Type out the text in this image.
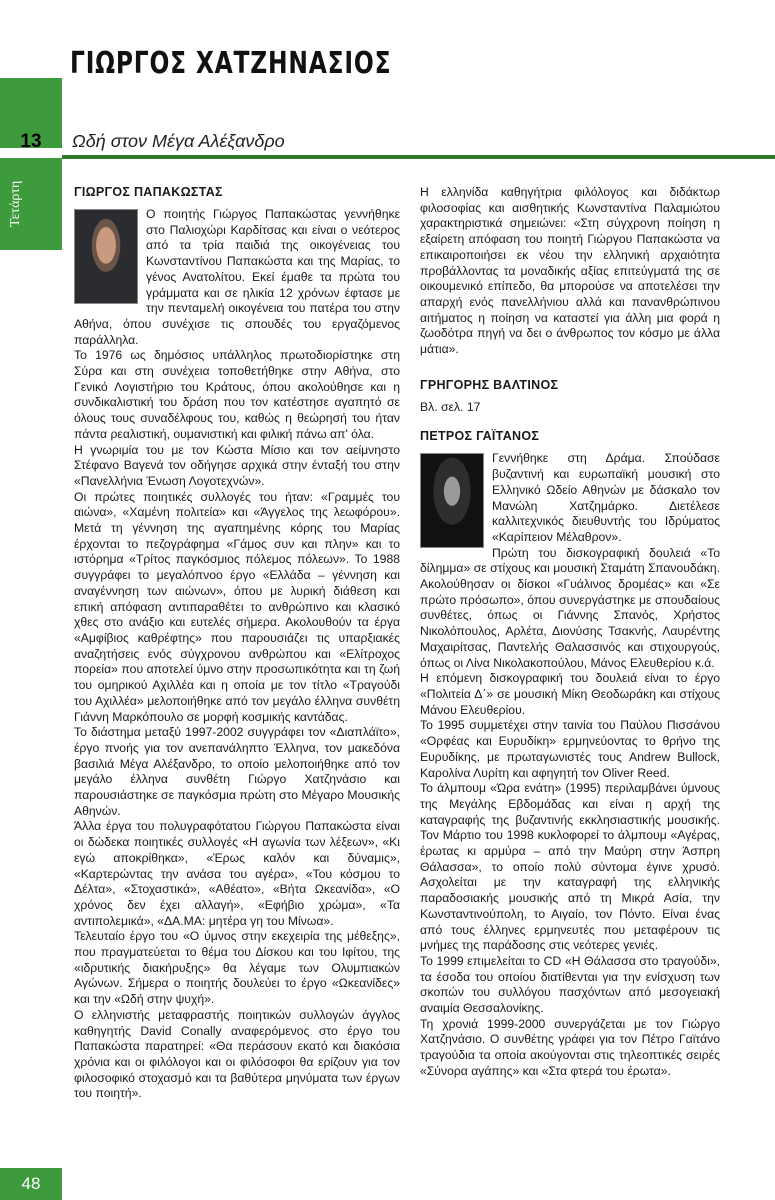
13
Τετάρτη
ΓΙΩΡΓΟΣ ΧΑΤΖΗΝΑΣΙΟΣ
Ωδή στον Μέγα Αλέξανδρο
ΓΙΩΡΓΟΣ ΠΑΠΑΚΩΣΤΑΣ

Ο ποιητής Γιώργος Παπακώστας γεννήθηκε στο Παλιοχώρι Καρδίτσας και είναι ο νεότερος από τα τρία παιδιά της οικογένειας του Κωνσταντίνου Παπακώστα και της Μαρίας, το γένος Ανατολίτου. Εκεί έμαθε τα πρώτα του γράμματα και σε ηλικία 12 χρόνων έφτασε με την πενταμελή οικογένεια του πατέρα του στην Αθήνα, όπου συνέχισε τις σπουδές του εργαζόμενος παράλληλα.

Το 1976 ως δημόσιος υπάλληλος πρωτοδιορίστηκε στη Σύρα και στη συνέχεια τοποθετήθηκε στην Αθήνα, στο Γενικό Λογιστήριο του Κράτους, όπου ακολούθησε και η συνδικαλιστική του δράση που τον κατέστησε αγαπητό σε όλους τους συναδέλφους του, καθώς η θεώρησή του ήταν πάντα ρεαλιστική, ουμανιστική και φιλική πάνω απ' όλα.

Η γνωριμία του με τον Κώστα Μίσιο και τον αείμνηστο Στέφανο Βαγενά τον οδήγησε αρχικά στην ένταξή του στην «Πανελλήνια Ένωση Λογοτεχνών».

Οι πρώτες ποιητικές συλλογές του ήταν: «Γραμμές του αιώνα», «Χαμένη πολιτεία» και «Άγγελος της λεωφόρου». Μετά τη γέννηση της αγαπημένης κόρης του Μαρίας έρχονται το πεζογράφημα «Γάμος συν και πλην» και το ιστόρημα «Τρίτος παγκόσμιος πόλεμος πόλεων». Το 1988 συγγράφει το μεγαλόπνοο έργο «Ελλάδα – γέννηση και αναγέννηση των αιώνων», όπου με λυρική διάθεση και επική απόφαση αντιπαραθέτει το ανθρώπινο και κλασικό χθες στο ανάξιο και ευτελές σήμερα. Ακολουθούν τα έργα «Αμφίβιος καθρέφτης» που παρουσιάζει τις υπαρξιακές αναζητήσεις ενός σύγχρονου ανθρώπου και «Ελίτροχος πορεία» που αποτελεί ύμνο στην προσωπικότητα και τη ζωή του ομηρικού Αχιλλέα και η οποία με τον τίτλο «Τραγούδι του Αχιλλέα» μελοποιήθηκε από τον μεγάλο έλληνα συνθέτη Γιάννη Μαρκόπουλο σε μορφή κοσμικής καντάδας.

Το διάστημα μεταξύ 1997-2002 συγγράφει τον «Διαπλάϊτο», έργο πνοής για τον ανεπανάληπτο Έλληνα, τον μακεδόνα βασιλιά Μέγα Αλέξανδρο, το οποίο μελοποιήθηκε από τον μεγάλο έλληνα συνθέτη Γιώργο Χατζηνάσιο και παρουσιάστηκε σε παγκόσμια πρώτη στο Μέγαρο Μουσικής Αθηνών.

Άλλα έργα του πολυγραφότατου Γιώργου Παπακώστα είναι οι δώδεκα ποιητικές συλλογές «Η αγωνία των λέξεων», «Κι εγώ αποκρίθηκα», «Έρως καλόν και δύναμις», «Καρτερώντας την ανάσα του αγέρα», «Του κόσμου το Δέλτα», «Στοχαστικά», «Αθέατο», «Βήτα Ωκεανίδα», «Ο χρόνος δεν έχει αλλαγή», «Εφήβιο χρώμα», «Τα αντιπολεμικά», «ΔΑ.ΜΑ: μητέρα γη του Μίνωα».

Τελευταίο έργο του «Ο ύμνος στην εκεχειρία της μέθεξης», που πραγματεύεται το θέμα του Δίσκου και του Ιφίτου, της «ιδρυτικής διακήρυξης» θα λέγαμε των Ολυμπιακών Αγώνων. Σήμερα ο ποιητής δουλεύει το έργο «Ωκεανίδες» και την «Ωδή στην ψυχή».

Ο ελληνιστής μεταφραστής ποιητικών συλλογών άγγλος καθηγητής David Conally αναφερόμενος στο έργο του Παπακώστα παρατηρεί: «Θα περάσουν εκατό και διακόσια χρόνια και οι φιλόλογοι και οι φιλόσοφοι θα ερίζουν για τον φιλοσοφικό στοχασμό και τα βαθύτερα μηνύματα των έργων του ποιητή».

Η ελληνίδα καθηγήτρια φιλόλογος και διδάκτωρ φιλοσοφίας και αισθητικής Κωνσταντίνα Παλαμιώτου χαρακτηριστικά σημειώνει: «Στη σύγχρονη ποίηση η εξαίρετη απόφαση του ποιητή Γιώργου Παπακώστα να επικαιροποιήσει εκ νέου την ελληνική αρχαιότητα προβάλλοντας τα μοναδικής αξίας επιτεύγματά της σε οικουμενικό επίπεδο, θα μπορούσε να αποτελέσει την απαρχή ενός πανελλήνιου αλλά και πανανθρώπινου αιτήματος η ποίηση να καταστεί για άλλη μια φορά η ζωοδότρα πηγή να δει ο άνθρωπος τον κόσμο με άλλα μάτια».

ΓΡΗΓΟΡΗΣ ΒΑΛΤΙΝΟΣ

Βλ. σελ. 17

ΠΕΤΡΟΣ ΓΑΪΤΑΝΟΣ

Γεννήθηκε στη Δράμα. Σπούδασε βυζαντινή και ευρωπαϊκή μουσική στο Ελληνικό Ωδείο Αθηνών με δάσκαλο τον Μανώλη Χατζημάρκο. Διετέλεσε καλλιτεχνικός διευθυντής του Ιδρύματος «Καρίπειον Μέλαθρον».

Πρώτη του δισκογραφική δουλειά «Το δίλημμα» σε στίχους και μουσική Σταμάτη Σπανουδάκη. Ακολούθησαν οι δίσκοι «Γυάλινος δρομέας» και «Σε πρώτο πρόσωπο», όπου συνεργάστηκε με σπουδαίους συνθέτες, όπως οι Γιάννης Σπανός, Χρήστος Νικολόπουλος, Αρλέτα, Διονύσης Τσακνής, Λαυρέντης Μαχαιρίτσας, Παντελής Θαλασσινός και στιχουργούς, όπως οι Λίνα Νικολακοπούλου, Μάνος Ελευθερίου κ.ά.

Η επόμενη δισκογραφική του δουλειά είναι το έργο «Πολιτεία Δ΄» σε μουσική Μίκη Θεοδωράκη και στίχους Μάνου Ελευθερίου.

Το 1995 συμμετέχει στην ταινία του Παύλου Πισσάνου «Ορφέας και Ευρυδίκη» ερμηνεύοντας το θρήνο της Ευρυδίκης, με πρωταγωνιστές τους Andrew Bullock, Καρολίνα Λυρίτη και αφηγητή τον Oliver Reed.

Το άλμπουμ «Ώρα ενάτη» (1995) περιλαμβάνει ύμνους της Μεγάλης Εβδομάδας και είναι η αρχή της καταγραφής της βυζαντινής εκκλησιαστικής μουσικής. Τον Μάρτιο του 1998 κυκλοφορεί το άλμπουμ «Αγέρας, έρωτας κι αρμύρα – από την Μαύρη στην Άσπρη Θάλασσα», το οποίο πολύ σύντομα έγινε χρυσό. Ασχολείται με την καταγραφή της ελληνικής παραδοσιακής μουσικής από τη Μικρά Ασία, την Κωνσταντινούπολη, το Αιγαίο, τον Πόντο. Είναι ένας από τους έλληνες ερμηνευτές που μεταφέρουν τις μνήμες της παράδοσης στις νεότερες γενιές.

Το 1999 επιμελείται το CD «Η Θάλασσα στο τραγούδι», τα έσοδα του οποίου διατίθενται για την ενίσχυση των σκοπών του συλλόγου πασχόντων από μεσογειακή αναιμία Θεσσαλονίκης.

Τη χρονιά 1999-2000 συνεργάζεται με τον Γιώργο Χατζηνάσιο. Ο συνθέτης γράφει για τον Πέτρο Γαϊτάνο τραγούδια τα οποία ακούγονται στις τηλεοπτικές σειρές «Σύνορα αγάπης» και «Στα φτερά του έρωτα».

48
